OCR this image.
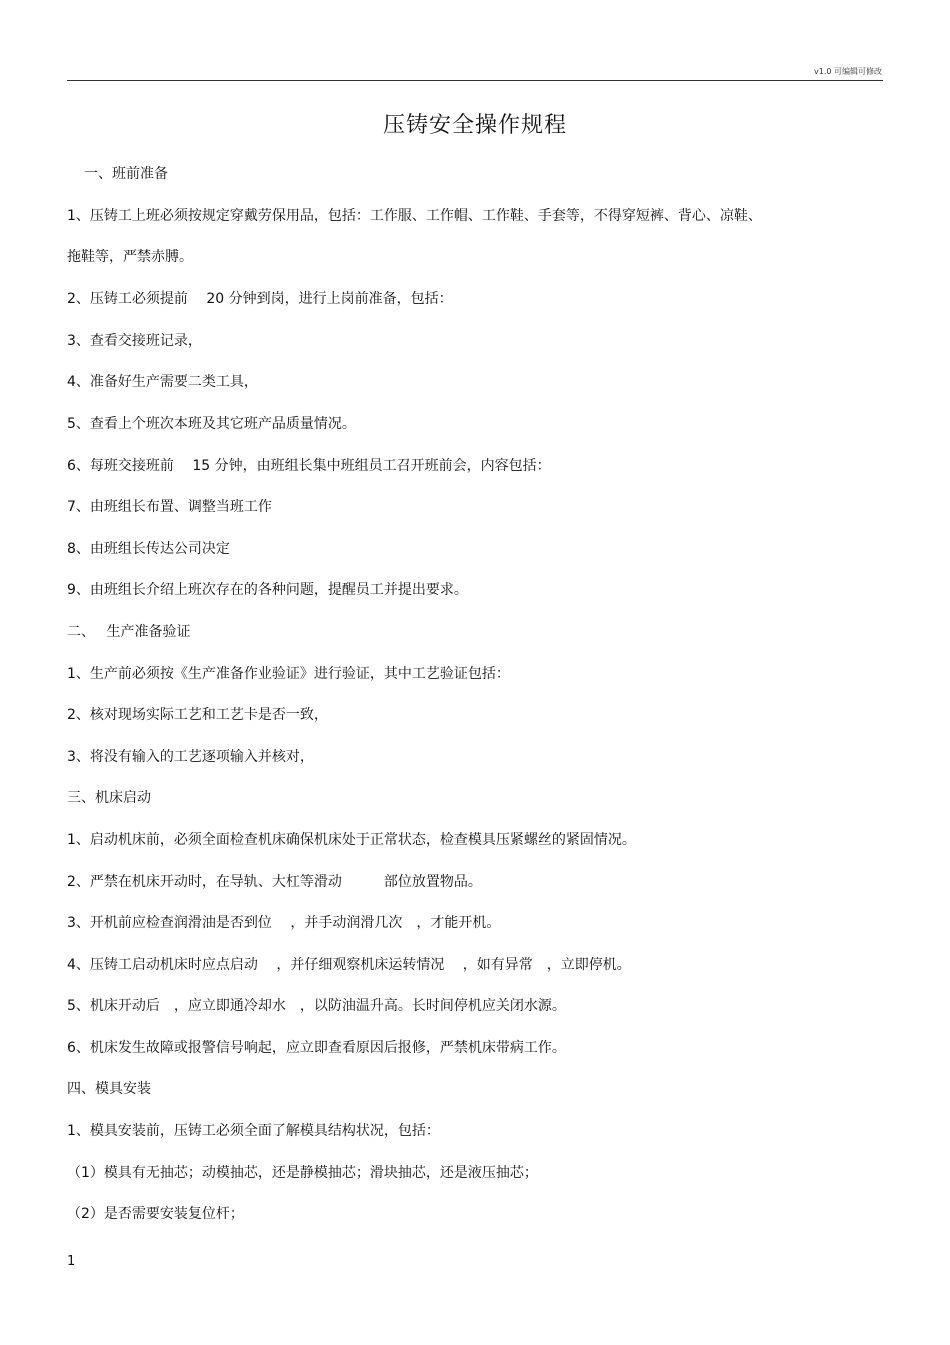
v1.0 可编辑可修改
压铸安全操作规程
一、班前准备
1、压铸工上班必须按规定穿戴劳保用品，包括：工作服、工作帽、工作鞋、手套等，不得穿短裤、背心、凉鞋、
拖鞋等，严禁赤膊。
2、压铸工必须提前　 20 分钟到岗，进行上岗前准备，包括：
3、查看交接班记录，
4、准备好生产需要二类工具，
5、查看上个班次本班及其它班产品质量情况。
6、每班交接班前　 15 分钟，由班组长集中班组员工召开班前会，内容包括：
7、由班组长布置、调整当班工作
8、由班组长传达公司决定
9、由班组长介绍上班次存在的各种问题，提醒员工并提出要求。
二、　 生产准备验证
1、生产前必须按《生产准备作业验证》进行验证，其中工艺验证包括：
2、核对现场实际工艺和工艺卡是否一致，
3、将没有输入的工艺逐项输入并核对，
三、机床启动
1、启动机床前，必须全面检查机床确保机床处于正常状态，检查模具压紧螺丝的紧固情况。
2、严禁在机床开动时，在导轨、大杠等滑动　　　部位放置物品。
3、开机前应检查润滑油是否到位　 ，并手动润滑几次　，才能开机。
4、压铸工启动机床时应点启动　 ，并仔细观察机床运转情况　 ，如有异常　，立即停机。
5、机床开动后　，应立即通冷却水　，以防油温升高。长时间停机应关闭水源。
6、机床发生故障或报警信号响起，应立即查看原因后报修，严禁机床带病工作。
四、模具安装
1、模具安装前，压铸工必须全面了解模具结构状况，包括：
（1）模具有无抽芯；动模抽芯，还是静模抽芯；滑块抽芯，还是液压抽芯；
（2）是否需要安装复位杆；
1
